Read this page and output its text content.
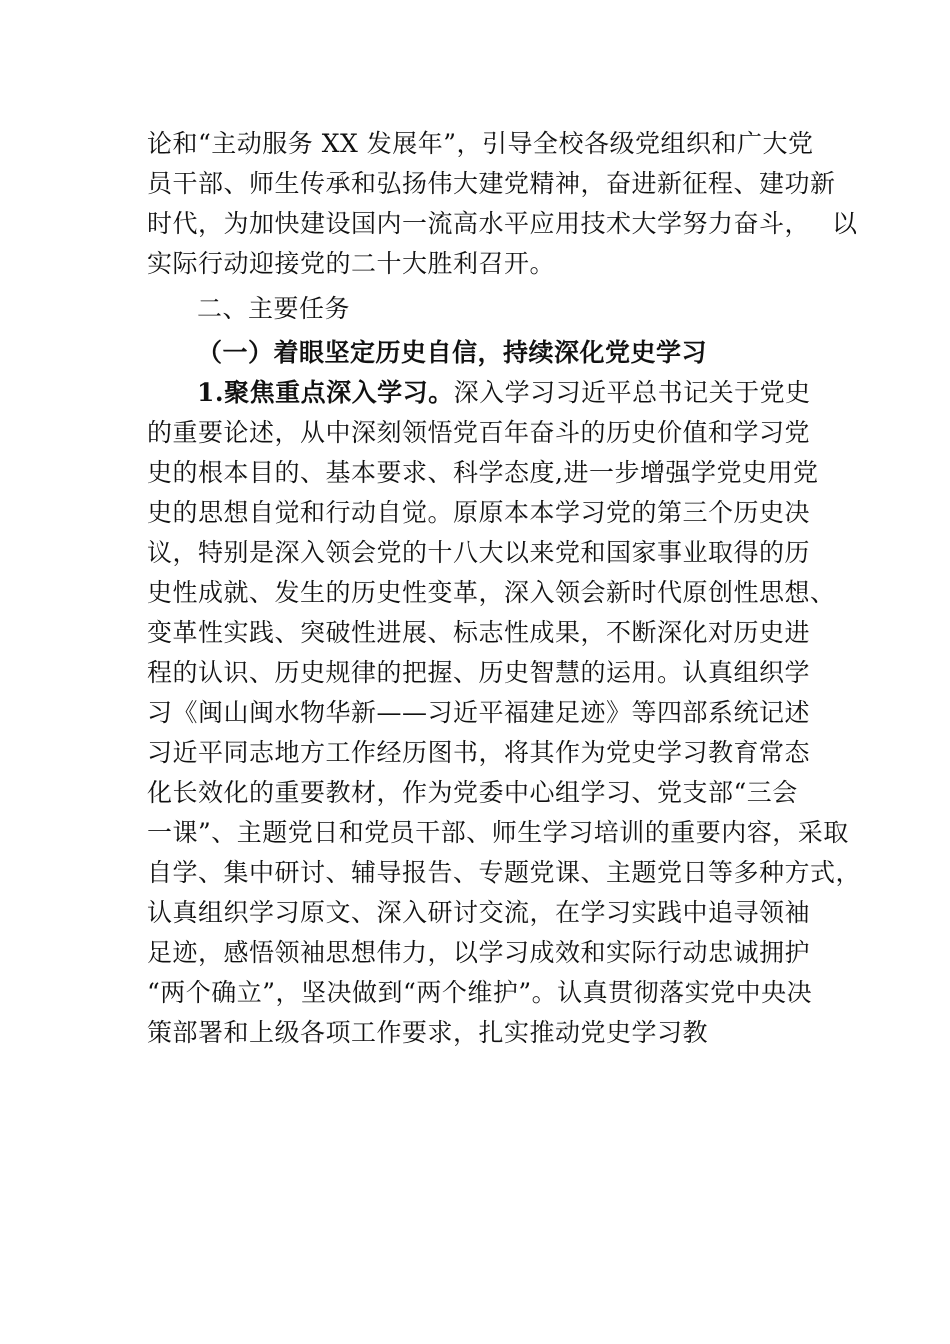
论和“主动服务 XX 发展年”，引导全校各级党组织和广大党
员干部、师生传承和弘扬伟大建党精神，奋进新征程、建功新
时代，为加快建设国内一流高水平应用技术大学努力奋斗， 以
实际行动迎接党的二十大胜利召开。
二、主要任务
（一）着眼坚定历史自信，持续深化党史学习
1.聚焦重点深入学习。深入学习习近平总书记关于党史
的重要论述，从中深刻领悟党百年奋斗的历史价值和学习党
史的根本目的、基本要求、科学态度,进一步增强学党史用党
史的思想自觉和行动自觉。原原本本学习党的第三个历史决
议，特别是深入领会党的十八大以来党和国家事业取得的历
史性成就、发生的历史性变革，深入领会新时代原创性思想、
变革性实践、突破性进展、标志性成果，不断深化对历史进
程的认识、历史规律的把握、历史智慧的运用。认真组织学
习《闽山闽水物华新——习近平福建足迹》等四部系统记述
习近平同志地方工作经历图书，将其作为党史学习教育常态
化长效化的重要教材，作为党委中心组学习、党支部“三会
一课”、主题党日和党员干部、师生学习培训的重要内容，采取
自学、集中研讨、辅导报告、专题党课、主题党日等多种方式，
认真组织学习原文、深入研讨交流，在学习实践中追寻领袖
足迹，感悟领袖思想伟力，以学习成效和实际行动忠诚拥护
“两个确立”，坚决做到“两个维护”。认真贯彻落实党中央决
策部署和上级各项工作要求，扎实推动党史学习教
